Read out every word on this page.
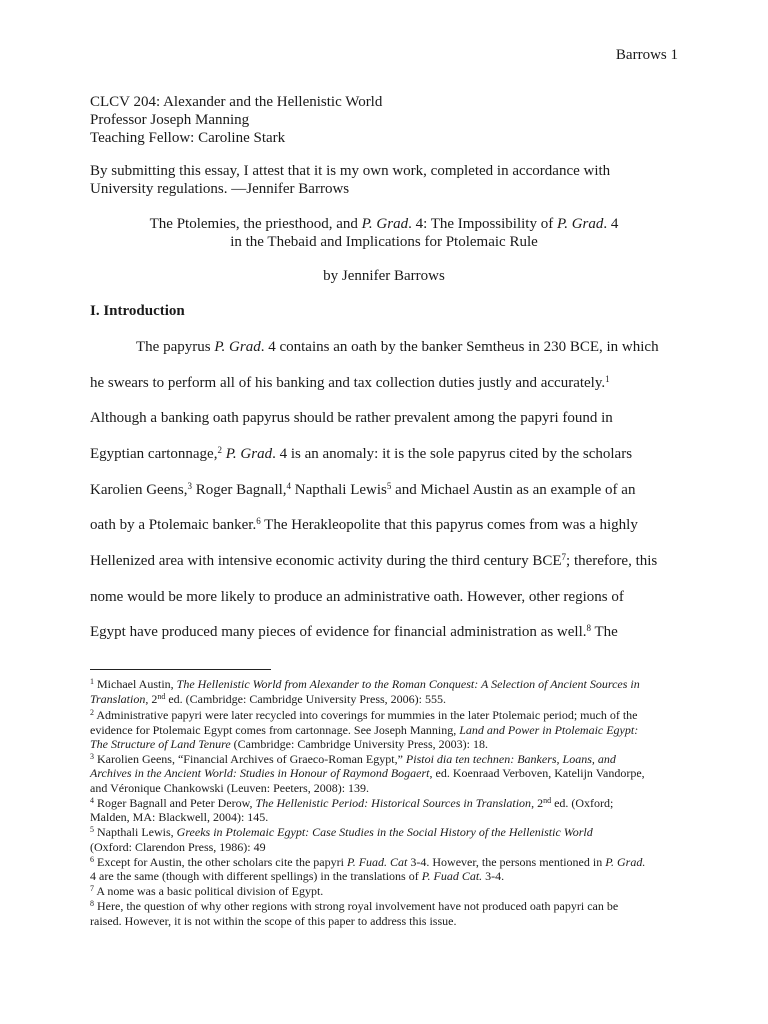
Barrows 1
CLCV 204: Alexander and the Hellenistic World
Professor Joseph Manning
Teaching Fellow: Caroline Stark
By submitting this essay, I attest that it is my own work, completed in accordance with
University regulations. —Jennifer Barrows
The Ptolemies, the priesthood, and P. Grad. 4: The Impossibility of P. Grad. 4
in the Thebaid and Implications for Ptolemaic Rule
by Jennifer Barrows
I. Introduction
The papyrus P. Grad. 4 contains an oath by the banker Semtheus in 230 BCE, in which
he swears to perform all of his banking and tax collection duties justly and accurately.$^1$
Although a banking oath papyrus should be rather prevalent among the papyri found in
Egyptian cartonnage,$^2$ P. Grad. 4 is an anomaly: it is the sole papyrus cited by the scholars
Karolien Geens,$^3$ Roger Bagnall,$^4$ Napthali Lewis$^5$ and Michael Austin as an example of an
oath by a Ptolemaic banker.$^6$ The Herakleopolite that this papyrus comes from was a highly
Hellenized area with intensive economic activity during the third century BCE$^7$; therefore, this
nome would be more likely to produce an administrative oath. However, other regions of
Egypt have produced many pieces of evidence for financial administration as well.$^8$ The
$^1$ Michael Austin, The Hellenistic World from Alexander to the Roman Conquest: A Selection of Ancient Sources in
Translation, 2nd ed. (Cambridge: Cambridge University Press, 2006): 555.
$^2$ Administrative papyri were later recycled into coverings for mummies in the later Ptolemaic period; much of the
evidence for Ptolemaic Egypt comes from cartonnage. See Joseph Manning, Land and Power in Ptolemaic Egypt:
The Structure of Land Tenure (Cambridge: Cambridge University Press, 2003): 18.
$^3$ Karolien Geens, “Financial Archives of Graeco-Roman Egypt,” Pistoi dia ten technen: Bankers, Loans, and
Archives in the Ancient World: Studies in Honour of Raymond Bogaert, ed. Koenraad Verboven, Katelijn Vandorpe,
and Véronique Chankowski (Leuven: Peeters, 2008): 139.
$^4$ Roger Bagnall and Peter Derow, The Hellenistic Period: Historical Sources in Translation, 2nd ed. (Oxford;
Malden, MA: Blackwell, 2004): 145.
$^5$ Napthali Lewis, Greeks in Ptolemaic Egypt: Case Studies in the Social History of the Hellenistic World
(Oxford: Clarendon Press, 1986): 49
$^6$ Except for Austin, the other scholars cite the papyri P. Fuad. Cat 3-4. However, the persons mentioned in P. Grad.
4 are the same (though with different spellings) in the translations of P. Fuad Cat. 3-4.
$^7$ A nome was a basic political division of Egypt.
$^8$ Here, the question of why other regions with strong royal involvement have not produced oath papyri can be
raised. However, it is not within the scope of this paper to address this issue.
